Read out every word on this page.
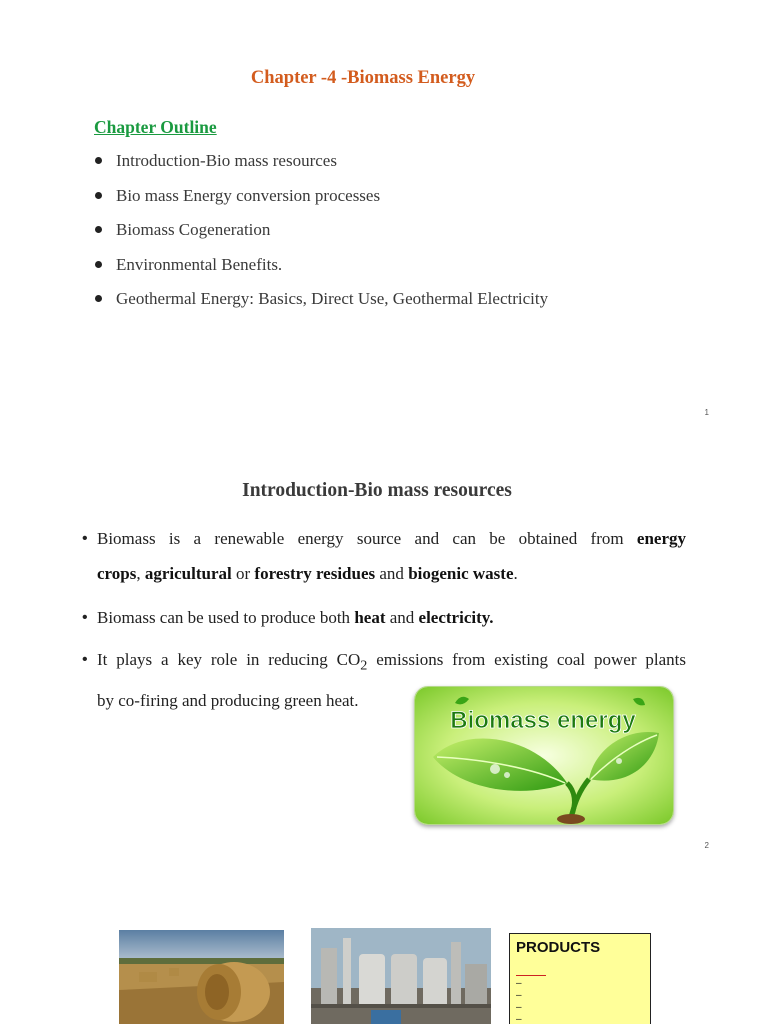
Chapter -4 -Biomass Energy
Chapter Outline
Introduction-Bio mass resources
Bio mass Energy conversion processes
Biomass Cogeneration
Environmental Benefits.
Geothermal Energy: Basics, Direct Use, Geothermal Electricity
1
Introduction-Bio mass resources
• Biomass is a renewable energy source and can be obtained from energy
crops, agricultural or forestry residues and biogenic waste.
• Biomass can be used to produce both heat and electricity.
• It plays a key role in reducing $CO_2$ emissions from existing coal power plants
by co-firing and producing green heat.
Biomass energy
2
PRODUCTS
–
–
–
–
